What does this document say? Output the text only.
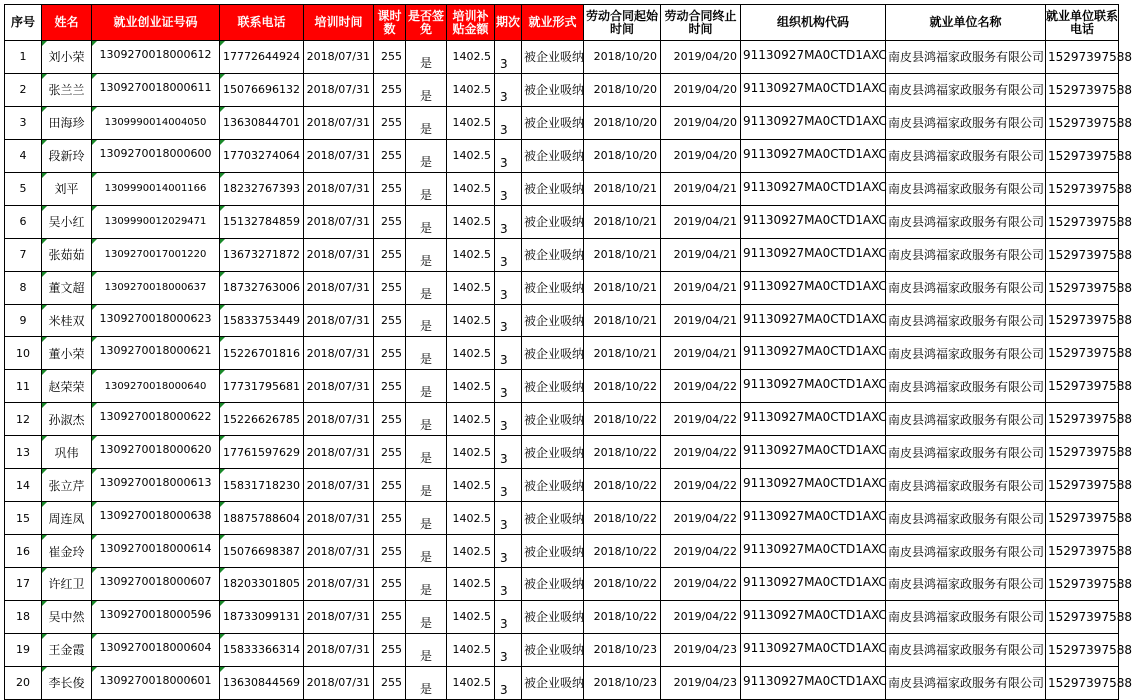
序号	姓名	就业创业证号码	联系电话	培训时间	课时数	是否签免	培训补贴金额	期次	就业形式	劳动合同起始时间	劳动合同终止时间	组织机构代码	就业单位名称	就业单位联系电话
1	刘小荣	1309270018000612	17772644924	2018/07/31	255	是	1402.5	3	被企业吸纳	2018/10/20	2019/04/20	91130927MA0CTD1AXC	南皮县鸿福家政服务有限公司	15297397588
2	张兰兰	1309270018000611	15076696132	2018/07/31	255	是	1402.5	3	被企业吸纳	2018/10/20	2019/04/20	91130927MA0CTD1AXC	南皮县鸿福家政服务有限公司	15297397588
3	田海珍	1309990014004050	13630844701	2018/07/31	255	是	1402.5	3	被企业吸纳	2018/10/20	2019/04/20	91130927MA0CTD1AXC	南皮县鸿福家政服务有限公司	15297397588
4	段新玲	1309270018000600	17703274064	2018/07/31	255	是	1402.5	3	被企业吸纳	2018/10/20	2019/04/20	91130927MA0CTD1AXC	南皮县鸿福家政服务有限公司	15297397588
5	刘平	1309990014001166	18232767393	2018/07/31	255	是	1402.5	3	被企业吸纳	2018/10/21	2019/04/21	91130927MA0CTD1AXC	南皮县鸿福家政服务有限公司	15297397588
6	吴小红	1309990012029471	15132784859	2018/07/31	255	是	1402.5	3	被企业吸纳	2018/10/21	2019/04/21	91130927MA0CTD1AXC	南皮县鸿福家政服务有限公司	15297397588
7	张茹茹	1309270017001220	13673271872	2018/07/31	255	是	1402.5	3	被企业吸纳	2018/10/21	2019/04/21	91130927MA0CTD1AXC	南皮县鸿福家政服务有限公司	15297397588
8	董文超	1309270018000637	18732763006	2018/07/31	255	是	1402.5	3	被企业吸纳	2018/10/21	2019/04/21	91130927MA0CTD1AXC	南皮县鸿福家政服务有限公司	15297397588
9	米桂双	1309270018000623	15833753449	2018/07/31	255	是	1402.5	3	被企业吸纳	2018/10/21	2019/04/21	91130927MA0CTD1AXC	南皮县鸿福家政服务有限公司	15297397588
10	董小荣	1309270018000621	15226701816	2018/07/31	255	是	1402.5	3	被企业吸纳	2018/10/21	2019/04/21	91130927MA0CTD1AXC	南皮县鸿福家政服务有限公司	15297397588
11	赵荣荣	1309270018000640	17731795681	2018/07/31	255	是	1402.5	3	被企业吸纳	2018/10/22	2019/04/22	91130927MA0CTD1AXC	南皮县鸿福家政服务有限公司	15297397588
12	孙淑杰	1309270018000622	15226626785	2018/07/31	255	是	1402.5	3	被企业吸纳	2018/10/22	2019/04/22	91130927MA0CTD1AXC	南皮县鸿福家政服务有限公司	15297397588
13	巩伟	1309270018000620	17761597629	2018/07/31	255	是	1402.5	3	被企业吸纳	2018/10/22	2019/04/22	91130927MA0CTD1AXC	南皮县鸿福家政服务有限公司	15297397588
14	张立芹	1309270018000613	15831718230	2018/07/31	255	是	1402.5	3	被企业吸纳	2018/10/22	2019/04/22	91130927MA0CTD1AXC	南皮县鸿福家政服务有限公司	15297397588
15	周连凤	1309270018000638	18875788604	2018/07/31	255	是	1402.5	3	被企业吸纳	2018/10/22	2019/04/22	91130927MA0CTD1AXC	南皮县鸿福家政服务有限公司	15297397588
16	崔金玲	1309270018000614	15076698387	2018/07/31	255	是	1402.5	3	被企业吸纳	2018/10/22	2019/04/22	91130927MA0CTD1AXC	南皮县鸿福家政服务有限公司	15297397588
17	许红卫	1309270018000607	18203301805	2018/07/31	255	是	1402.5	3	被企业吸纳	2018/10/22	2019/04/22	91130927MA0CTD1AXC	南皮县鸿福家政服务有限公司	15297397588
18	吴中然	1309270018000596	18733099131	2018/07/31	255	是	1402.5	3	被企业吸纳	2018/10/22	2019/04/22	91130927MA0CTD1AXC	南皮县鸿福家政服务有限公司	15297397588
19	王金霞	1309270018000604	15833366314	2018/07/31	255	是	1402.5	3	被企业吸纳	2018/10/23	2019/04/23	91130927MA0CTD1AXC	南皮县鸿福家政服务有限公司	15297397588
20	李长俊	1309270018000601	13630844569	2018/07/31	255	是	1402.5	3	被企业吸纳	2018/10/23	2019/04/23	91130927MA0CTD1AXC	南皮县鸿福家政服务有限公司	15297397588
